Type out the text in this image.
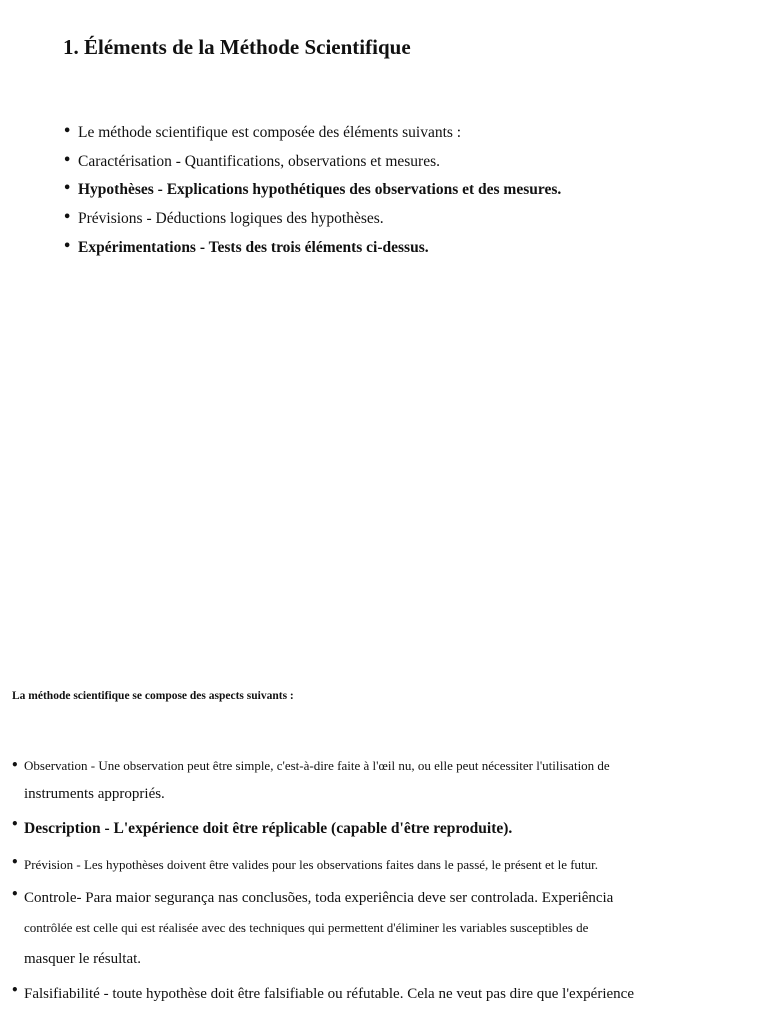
1. Éléments de la Méthode Scientifique
• Le méthode scientifique est composée des éléments suivants :
• Caractérisation - Quantifications, observations et mesures.
• Hypothèses - Explications hypothétiques des observations et des mesures.
• Prévisions - Déductions logiques des hypothèses.
• Expérimentations - Tests des trois éléments ci-dessus.

La méthode scientifique se compose des aspects suivants :

• Observation - Une observation peut être simple, c'est-à-dire faite à l'œil nu, ou elle peut nécessiter l'utilisation de
instruments appropriés.
• Description - L'expérience doit être réplicable (capable d'être reproduite).
• Prévision - Les hypothèses doivent être valides pour les observations faites dans le passé, le présent et le futur.
• Controle- Para maior segurança nas conclusões, toda experiência deve ser controlada. Experiência
contrôlée est celle qui est réalisée avec des techniques qui permettent d'éliminer les variables susceptibles de
masquer le résultat.
• Falsifiabilité - toute hypothèse doit être falsifiable ou réfutable. Cela ne veut pas dire que l'expérience
